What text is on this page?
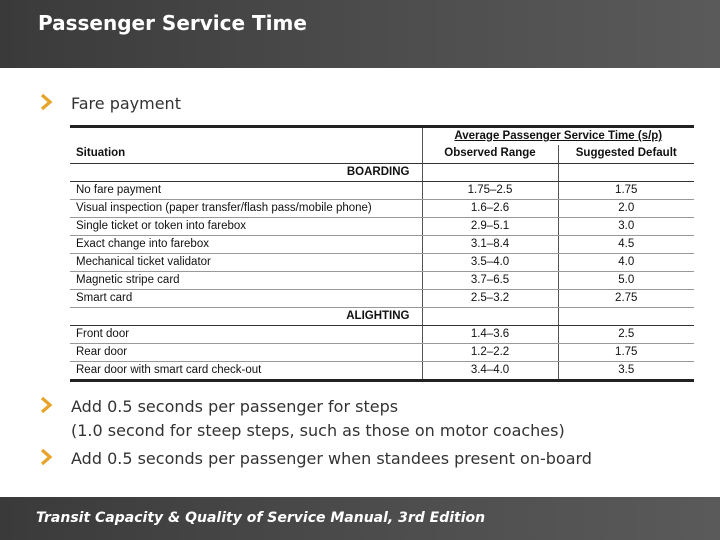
Passenger Service Time
Fare payment
	Average Passenger Service Time (s/p)	
Situation	Observed Range	Suggested Default
BOARDING		
No fare payment	1.75–2.5	1.75
Visual inspection (paper transfer/flash pass/mobile phone)	1.6–2.6	2.0
Single ticket or token into farebox	2.9–5.1	3.0
Exact change into farebox	3.1–8.4	4.5
Mechanical ticket validator	3.5–4.0	4.0
Magnetic stripe card	3.7–6.5	5.0
Smart card	2.5–3.2	2.75
ALIGHTING		
Front door	1.4–3.6	2.5
Rear door	1.2–2.2	1.75
Rear door with smart card check-out	3.4–4.0	3.5
Add 0.5 seconds per passenger for steps
(1.0 second for steep steps, such as those on motor coaches)
Add 0.5 seconds per passenger when standees present on-board
Transit Capacity & Quality of Service Manual, 3rd Edition
